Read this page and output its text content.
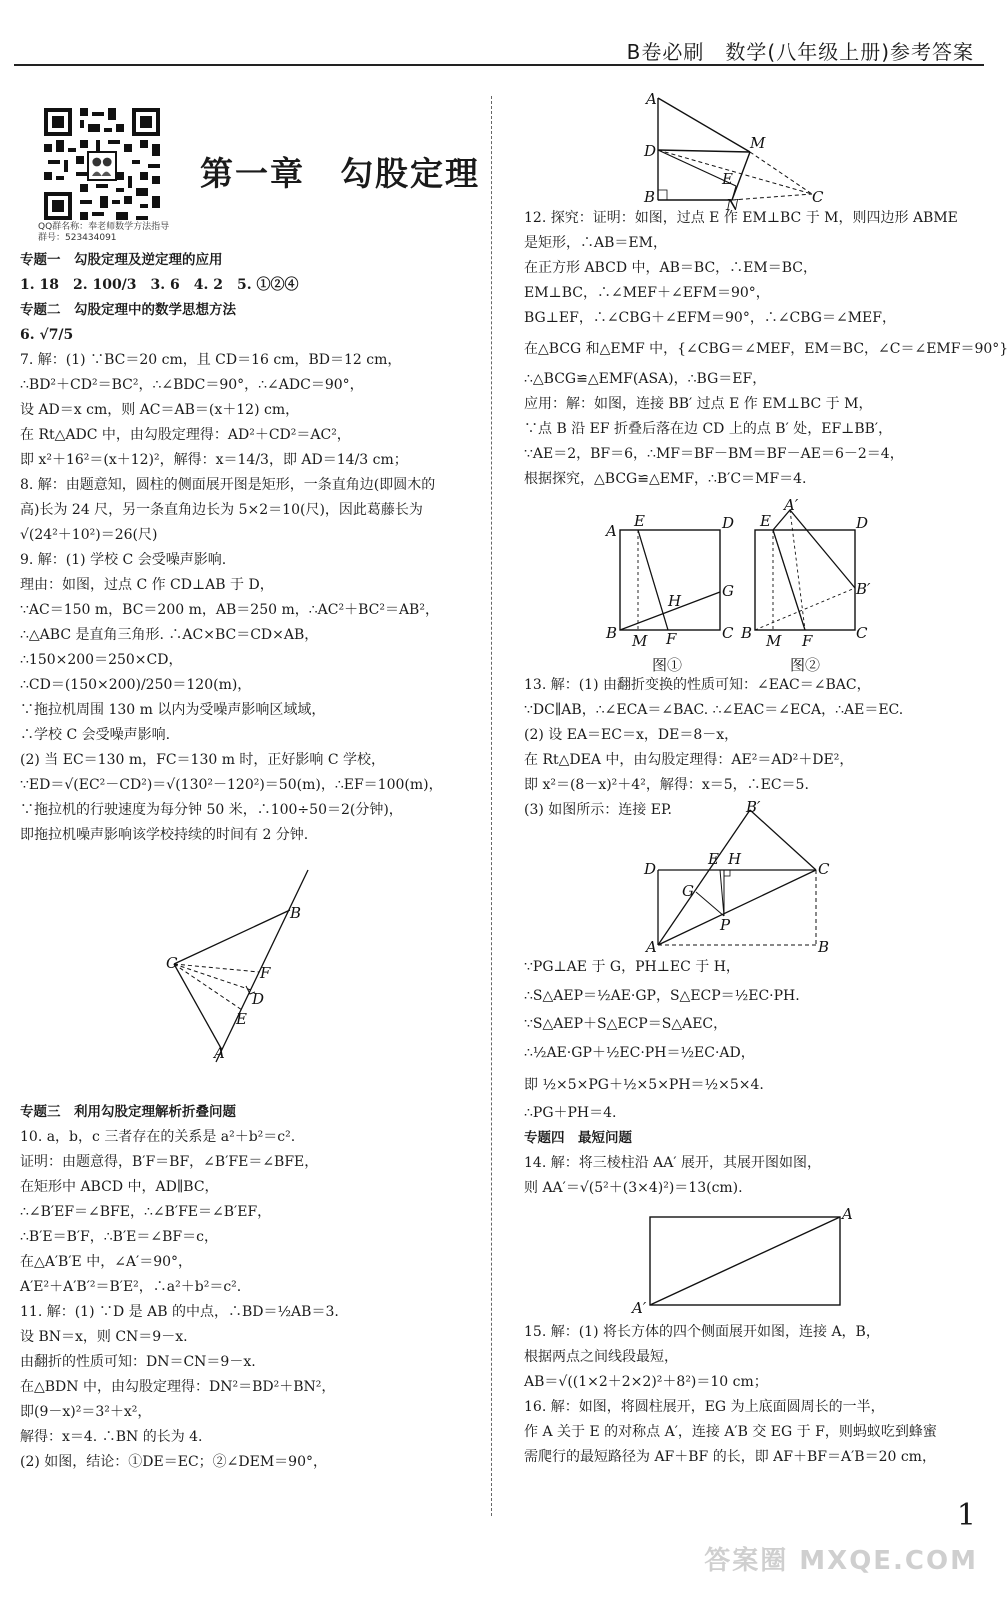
B卷必刷　数学(八年级上册)参考答案
QQ群名称：奉老师数学方法指导
群号：523434091
第一章　勾股定理

专题一　勾股定理及逆定理的应用

1. 18　2. 100/3　3. 6　4. 2　5. ①②④

专题二　勾股定理中的数学思想方法

6. √7/5

7. 解：(1) ∵BC＝20 cm，且 CD＝16 cm，BD＝12 cm，

∴BD²＋CD²＝BC²，∴∠BDC＝90°，∴∠ADC＝90°，

设 AD＝x cm，则 AC＝AB＝(x＋12) cm，

在 Rt△ADC 中，由勾股定理得：AD²＋CD²＝AC²，

即 x²＋16²＝(x＋12)²，解得：x＝14/3，即 AD＝14/3 cm；

8. 解：由题意知，圆柱的侧面展开图是矩形，一条直角边(即圆木的

高)长为 24 尺，另一条直角边长为 5×2＝10(尺)，因此葛藤长为

√(24²＋10²)＝26(尺)

9. 解：(1) 学校 C 会受噪声影响.

理由：如图，过点 C 作 CD⊥AB 于 D，

∵AC＝150 m，BC＝200 m，AB＝250 m，∴AC²＋BC²＝AB²，

∴△ABC 是直角三角形. ∴AC×BC＝CD×AB，

∴150×200＝250×CD，

∴CD＝(150×200)/250＝120(m)，

∵拖拉机周围 130 m 以内为受噪声影响区域域，

∴学校 C 会受噪声影响.

(2) 当 EC＝130 m，FC＝130 m 时，正好影响 C 学校，

∵ED＝√(EC²－CD²)＝√(130²－120²)＝50(m)，∴EF＝100(m)，

∵拖拉机的行驶速度为每分钟 50 米，∴100÷50＝2(分钟)，

即拖拉机噪声影响该学校持续的时间有 2 分钟.

B
C
F
D
E
A

专题三　利用勾股定理解析折叠问题

10. a，b，c 三者存在的关系是 a²＋b²＝c².

证明：由题意得，B′F＝BF，∠B′FE＝∠BFE，

在矩形中 ABCD 中，AD∥BC，

∴∠B′EF＝∠BFE，∴∠B′FE＝∠B′EF，

∴B′E＝B′F，∴B′E＝∠BF＝c，

在△A′B′E 中，∠A′＝90°，

A′E²＋A′B′²＝B′E²，∴a²＋b²＝c².

11. 解：(1) ∵D 是 AB 的中点，∴BD＝½AB＝3.

设 BN＝x，则 CN＝9－x.

由翻折的性质可知：DN＝CN＝9－x.

在△BDN 中，由勾股定理得：DN²＝BD²＋BN²，

即(9－x)²＝3²＋x²，

解得：x＝4. ∴BN 的长为 4.

(2) 如图，结论：①DE＝EC；②∠DEM＝90°，

A
D	M
E
B	N	C

12. 探究：证明：如图，过点 E 作 EM⊥BC 于 M，则四边形 ABME

是矩形，∴AB＝EM，

在正方形 ABCD 中，AB＝BC，∴EM＝BC，

EM⊥BC，∴∠MEF＋∠EFM＝90°，

BG⊥EF，∴∠CBG＋∠EFM＝90°，∴∠CBG＝∠MEF，

在△BCG 和△EMF 中，{∠CBG＝∠MEF，EM＝BC，∠C＝∠EMF＝90°}

∴△BCG≌△EMF(ASA)，∴BG＝EF，

应用：解：如图，连接 BB′ 过点 E 作 EM⊥BC 于 M，

∵点 B 沿 EF 折叠后落在边 CD 上的点 B′ 处，EF⊥BB′，

∵AE＝2，BF＝6，∴MF＝BF－BM＝BF－AE＝6－2＝4，

根据探究，△BCG≌△EMF，∴B′C＝MF＝4.

A
E	D
H
G
B M F	C
图①
E
A′
D
B′
B M F	C
图②

13. 解：(1) 由翻折变换的性质可知：∠EAC＝∠BAC，

∵DC∥AB，∴∠ECA＝∠BAC. ∴∠EAC＝∠ECA，∴AE＝EC.

(2) 设 EA＝EC＝x，DE＝8－x，

在 Rt△DEA 中，由勾股定理得：AE²＝AD²＋DE²，

即 x²＝(8－x)²＋4²，解得：x＝5，∴EC＝5.

(3) 如图所示：连接 EP.	B′
D
E H
C
G
P
A	B

∵PG⊥AE 于 G，PH⊥EC 于 H，

∴S△AEP＝½AE·GP，S△ECP＝½EC·PH.

∵S△AEP＋S△ECP＝S△AEC，

∴½AE·GP＋½EC·PH＝½EC·AD，

即 ½×5×PG＋½×5×PH＝½×5×4.

∴PG＋PH＝4.

专题四　最短问题

14. 解：将三棱柱沿 AA′ 展开，其展开图如图，

则 AA′＝√(5²＋(3×4)²)＝13(cm).

A
A′

15. 解：(1) 将长方体的四个侧面展开如图，连接 A，B，

根据两点之间线段最短，

AB＝√((1×2＋2×2)²＋8²)＝10 cm；

16. 解：如图，将圆柱展开，EG 为上底面圆周长的一半，

作 A 关于 E 的对称点 A′，连接 A′B 交 EG 于 F，则蚂蚁吃到蜂蜜

需爬行的最短路径为 AF＋BF 的长，即 AF＋BF＝A′B＝20 cm，

1
答案圈 MXQE.COM
